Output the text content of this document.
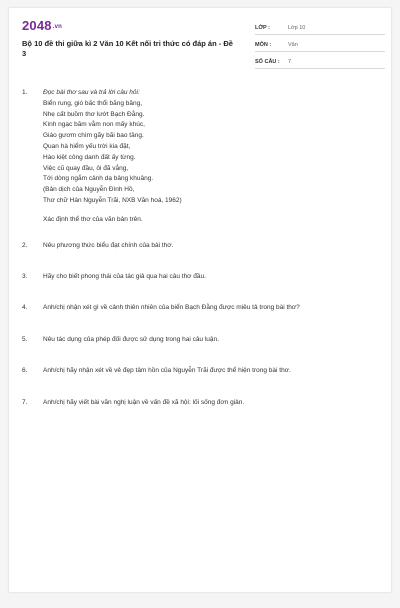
2048.vn
Bộ 10 đề thi giữa kì 2 Văn 10 Kết nối tri thức có đáp án - Đề 3
LỚP :	Lớp 10
MÔN :	Văn
SỐ CÂU :	7
1.	Đọc bài thơ sau và trả lời câu hỏi:
Biển rung, gió bấc thổi băng băng,
Nhẹ cất buồm thơ lướt Bạch Đằng.
Kình ngạc băm vằm non mấy khúc,
Giáo gươm chìm gãy bãi bao tầng.
Quan hà hiểm yếu trời kia đặt,
Hào kiệt công danh đất ấy từng.
Việc cũ quay đầu, ôi đã vắng,
Tới dòng ngắm cảnh dạ bâng khuâng.
(Bản dịch của Nguyễn Đình Hồ,
Thơ chữ Hán Nguyễn Trãi, NXB Văn hoá, 1962)
Xác định thể thơ của văn bản trên.
2.	Nêu phương thức biểu đạt chính của bài thơ.
3.	Hãy cho biết phong thái của tác giả qua hai câu thơ đầu.
4.	Anh/chị nhận xét gì về cảnh thiên nhiên của biển Bạch Đằng được miêu tả trong bài thơ?
5.	Nêu tác dụng của phép đối được sử dụng trong hai câu luận.
6.	Anh/chị hãy nhận xét về vẻ đẹp tâm hồn của Nguyễn Trãi được thể hiện trong bài thơ.
7.	Anh/chị hãy viết bài văn nghị luận về vấn đề xã hội: lối sống đơn giản.
